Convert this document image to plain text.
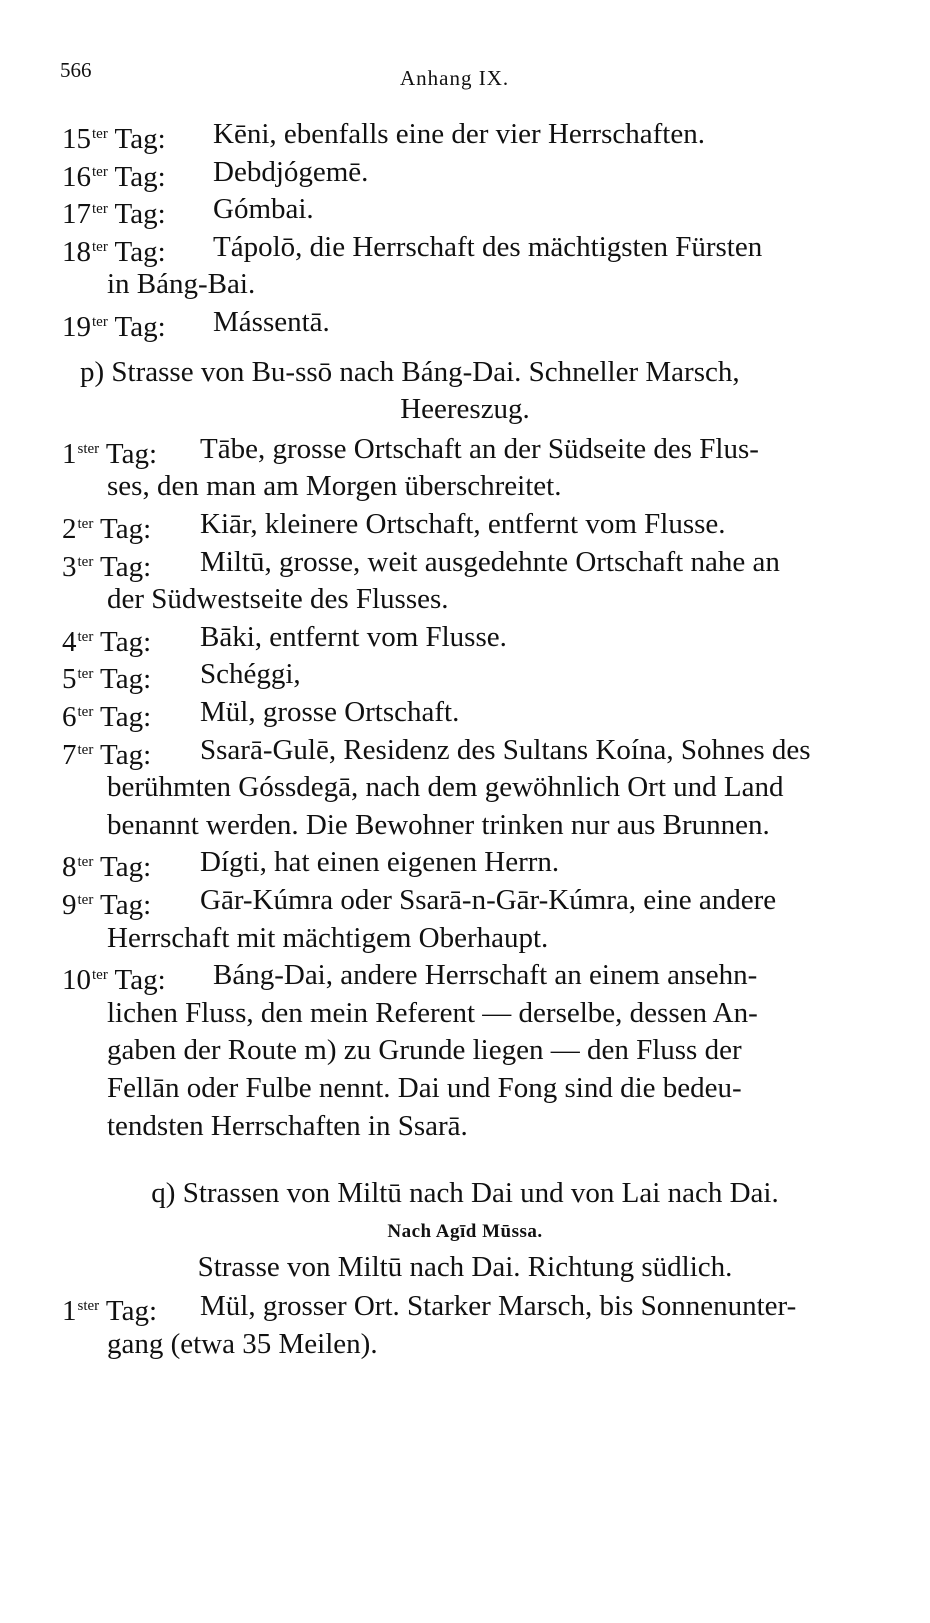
566	Anhang IX.
$15^{ter}$ Tag: Kēni, ebenfalls eine der vier Herrschaften.
$16^{ter}$ Tag: Debdjógemē.
$17^{ter}$ Tag: Gómbai.
$18^{ter}$ Tag: Tápolō, die Herrschaft des mächtigsten Fürsten
in Báng-Bai.
$19^{ter}$ Tag: Mássentā.
p) Strasse von Bu-ssō nach Báng-Dai. Schneller Marsch,
Heereszug.
$1^{ster}$ Tag: Tābe, grosse Ortschaft an der Südseite des Flus-
ses, den man am Morgen überschreitet.
$2^{ter}$ Tag: Kiār, kleinere Ortschaft, entfernt vom Flusse.
$3^{ter}$ Tag: Miltū, grosse, weit ausgedehnte Ortschaft nahe an
der Südwestseite des Flusses.
$4^{ter}$ Tag: Bāki, entfernt vom Flusse.
$5^{ter}$ Tag: Schéggi,
$6^{ter}$ Tag: Mül, grosse Ortschaft.
$7^{ter}$ Tag: Ssarā-Gulē, Residenz des Sultans Koína, Sohnes des
berühmten Góssdegā, nach dem gewöhnlich Ort und Land
benannt werden. Die Bewohner trinken nur aus Brunnen.
$8^{ter}$ Tag: Dígti, hat einen eigenen Herrn.
$9^{ter}$ Tag: Gār-Kúmra oder Ssarā-n-Gār-Kúmra, eine andere
Herrschaft mit mächtigem Oberhaupt.
$10^{ter}$ Tag: Báng-Dai, andere Herrschaft an einem ansehn-
lichen Fluss, den mein Referent — derselbe, dessen An-
gaben der Route m) zu Grunde liegen — den Fluss der
Fellān oder Fulbe nennt. Dai und Fong sind die bedeu-
tendsten Herrschaften in Ssarā.
q) Strassen von Miltū nach Dai und von Lai nach Dai.
Nach Agīd Mūssa.
Strasse von Miltū nach Dai. Richtung südlich.
$1^{ster}$ Tag: Mül, grosser Ort. Starker Marsch, bis Sonnenunter-
gang (etwa 35 Meilen).
